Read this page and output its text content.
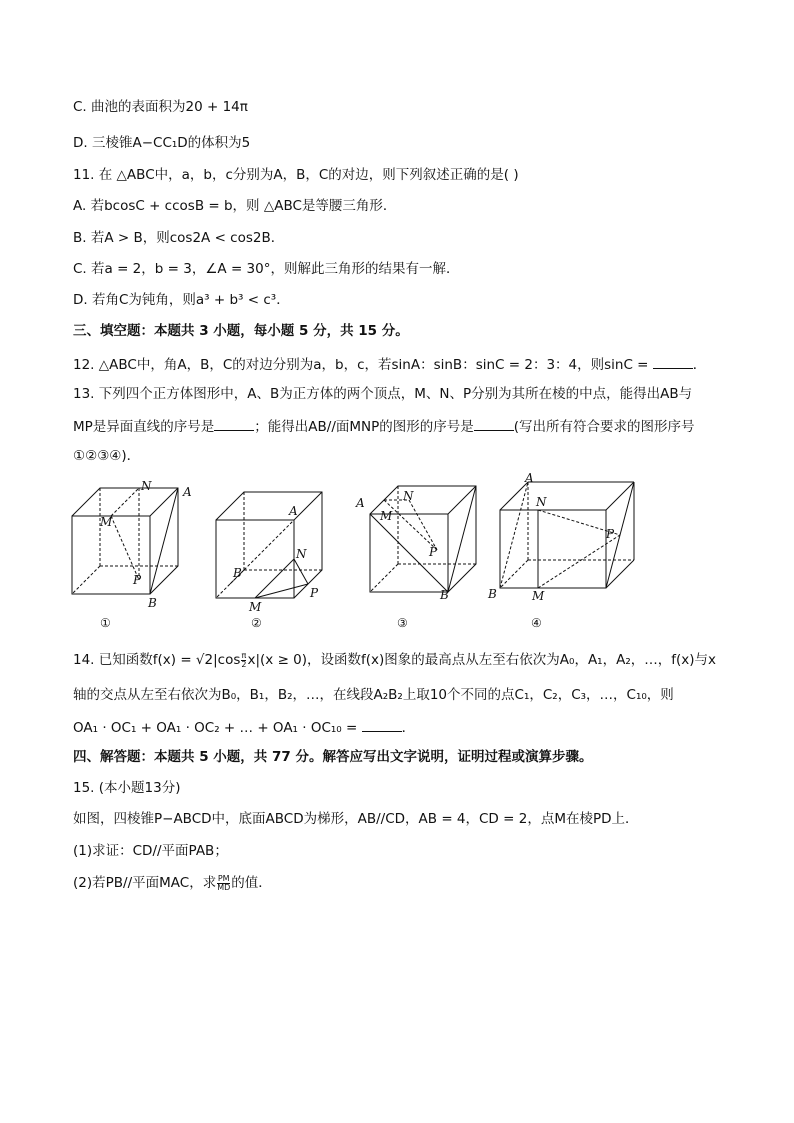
C. 曲池的表面积为20 + 14π
D. 三棱锥A−CC₁D的体积为5
11. 在 △ABC中，a，b，c分别为A，B，C的对边，则下列叙述正确的是( )
A. 若bcosC + ccosB = b，则 △ABC是等腰三角形．
B. 若A > B，则cos2A < cos2B．
C. 若a = 2，b = 3，∠A = 30°，则解此三角形的结果有一解．
D. 若角C为钝角，则a³ + b³ < c³．
三、填空题：本题共 3 小题，每小题 5 分，共 15 分。
12. △ABC中，角A，B，C的对边分别为a，b，c，若sinA：sinB：sinC = 2：3：4，则sinC =	．
13. 下列四个正方体图形中，A、B为正方体的两个顶点，M、N、P分别为其所在棱的中点，能得出AB与
MP是异面直线的序号是	；能得出AB//面MNP的图形的序号是	(写出所有符合要求的图形序号
①②③④)．
N	A
M
P
B
A
N
B
P
M
A	N
M
P
B
A
N
P
B	M
①	②	③	④
14. 已知函数$f(x) = √2|\cos \frac{\pi}{2} x|(x \ge 0)$，设函数f(x)图象的最高点从左至右依次为A₀，A₁，A₂，…，f(x)与x
轴的交点从左至右依次为B₀，B₁，B₂，…，在线段A₂B₂上取10个不同的点C₁，C₂，C₃，…，C₁₀，则
OA₁ · OC₁ + OA₁ · OC₂ + … + OA₁ · OC₁₀ =	．
四、解答题：本题共 5 小题，共 77 分。解答应写出文字说明，证明过程或演算步骤。
15. (本小题13分)
如图，四棱锥P−ABCD中，底面ABCD为梯形，AB//CD，AB = 4，CD = 2，点M在棱PD上．
(1)求证：CD//平面PAB；
(2)若PB//平面MAC，求 $\frac{PM}{MD}$ 的值．
